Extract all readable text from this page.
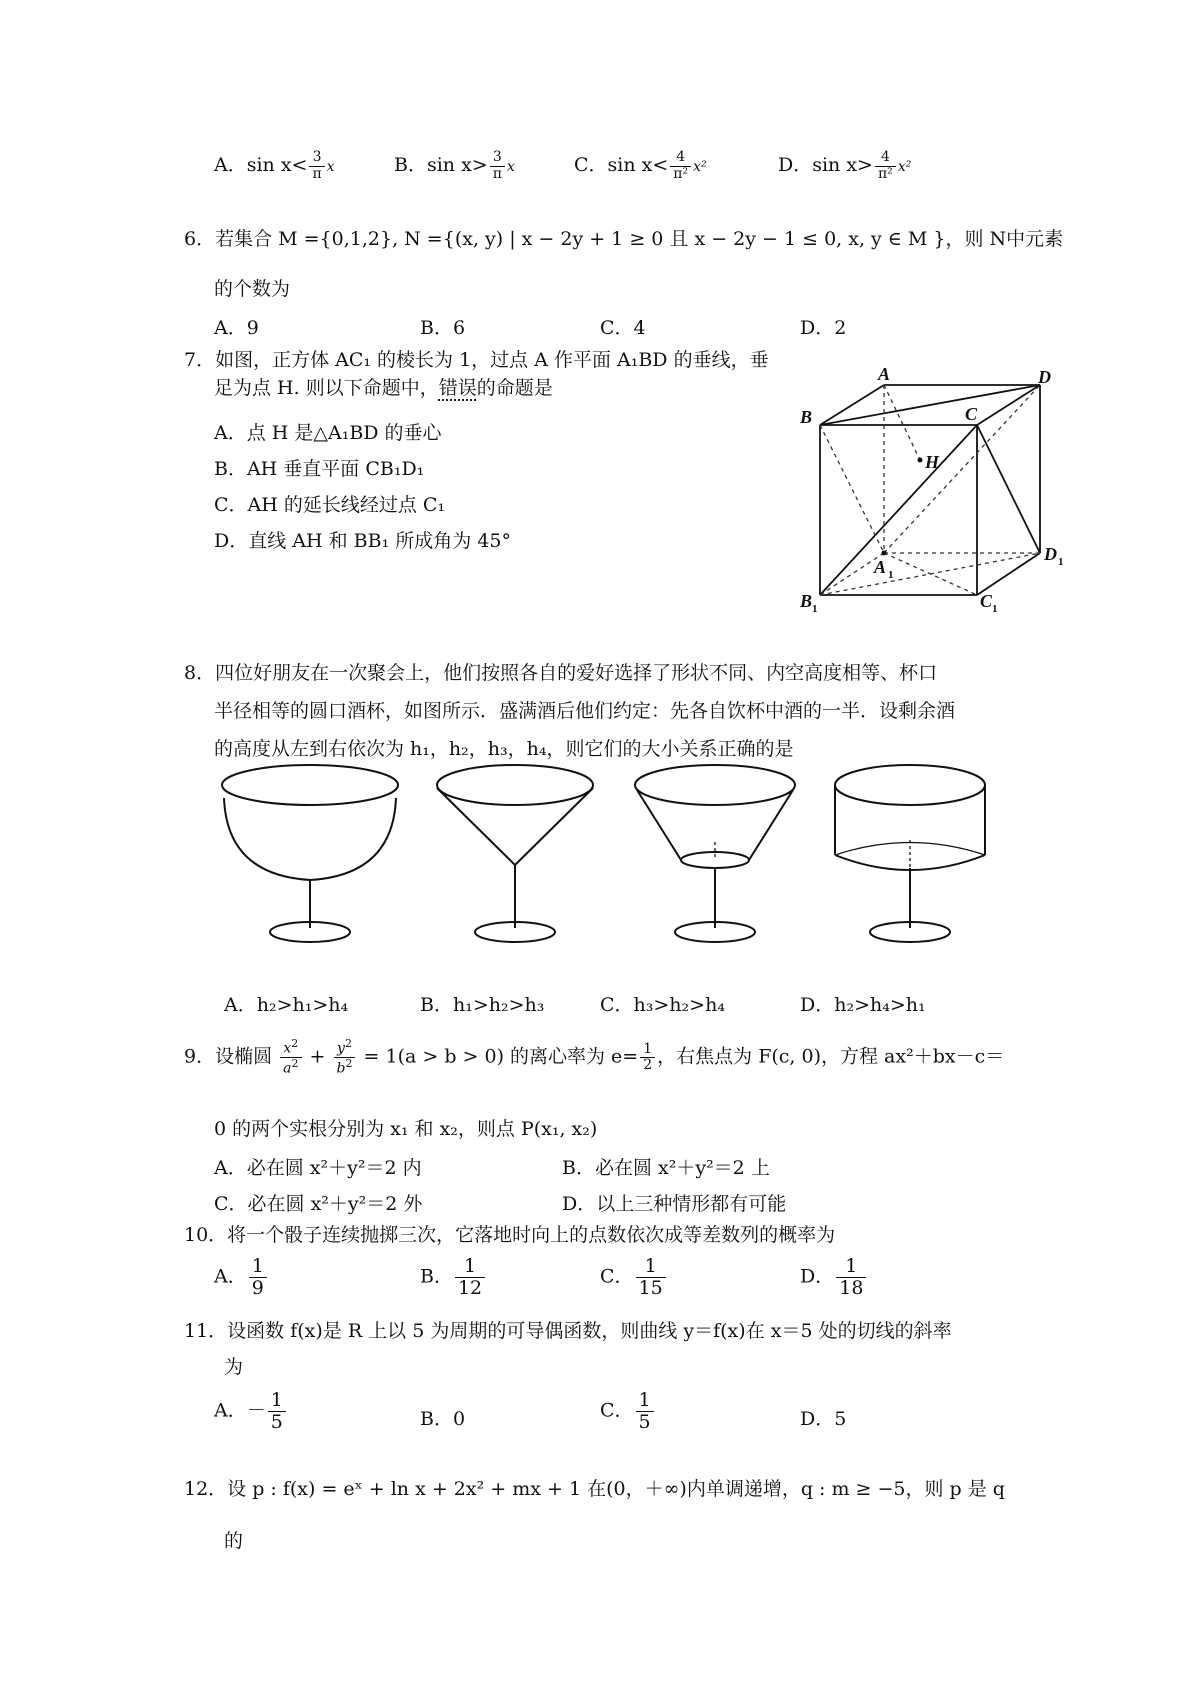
A．$\sin x< \frac{3}{\pi}$ x	B．$\sin x> \frac{3}{\pi}$ x	C．$\sin x< \frac{4}{\text{π²}} x^2$	D．$\sin x> \frac{4}{\text{π²}} x^2$
6．若集合 M ={0,1,2}, N ={(x, y) | x − 2y + 1 ≥ 0 且 x − 2y − 1 ≤ 0, x, y ∈ M }，则 N中元素
的个数为
A．9	B．6	C．4	D．2
7．如图，正方体 AC₁ 的棱长为 1，过点 A 作平面 A₁BD 的垂线，垂
足为点 H. 则以下命题中，错误的命题是
A．点 H 是△A₁BD 的垂心
B．AH 垂直平面 CB₁D₁
C．AH 的延长线经过点 C₁
D．直线 AH 和 BB₁ 所成角为 45°
A	D
B	C
H
A
D
B	C
1
1
1	1
8．四位好朋友在一次聚会上，他们按照各自的爱好选择了形状不同、内空高度相等、杯口
半径相等的圆口酒杯，如图所示．盛满酒后他们约定：先各自饮杯中酒的一半．设剩余酒
的高度从左到右依次为 h₁，h₂，h₃，h₄，则它们的大小关系正确的是
A．h₂>h₁>h₄	B．h₁>h₂>h₃	C．h₃>h₂>h₄	D．h₂>h₄>h₁
9．设椭圆 $\frac{x^2}{a^2} + \frac{y^2}{b^2} = 1(a > b > 0)$ 的离心率为 $e= \frac{1}{2}$ ，右焦点为 F(c, 0)，方程 ax²＋bx－c＝
0 的两个实根分别为 x₁ 和 x₂，则点 P(x₁, x₂)
A．必在圆 x²＋y²＝2 内	B．必在圆 x²＋y²＝2 上
C．必在圆 x²＋y²＝2 外	D．以上三种情形都有可能
10．将一个骰子连续抛掷三次，它落地时向上的点数依次成等差数列的概率为
A． $\frac{1}{9}$	B． $\frac{1}{12}$	C． $\frac{1}{15}$	D． $\frac{1}{18}$
11．设函数 f(x)是 R 上以 5 为周期的可导偶函数，则曲线 y＝f(x)在 x＝5 处的切线的斜率
为
A．－ $\frac{1}{5}$	B．0	C． $\frac{1}{5}$	D．5
12．设 p : f(x) = eˣ + ln x + 2x² + mx + 1 在(0，＋∞)内单调递增，q : m ≥ −5，则 p 是 q
的
